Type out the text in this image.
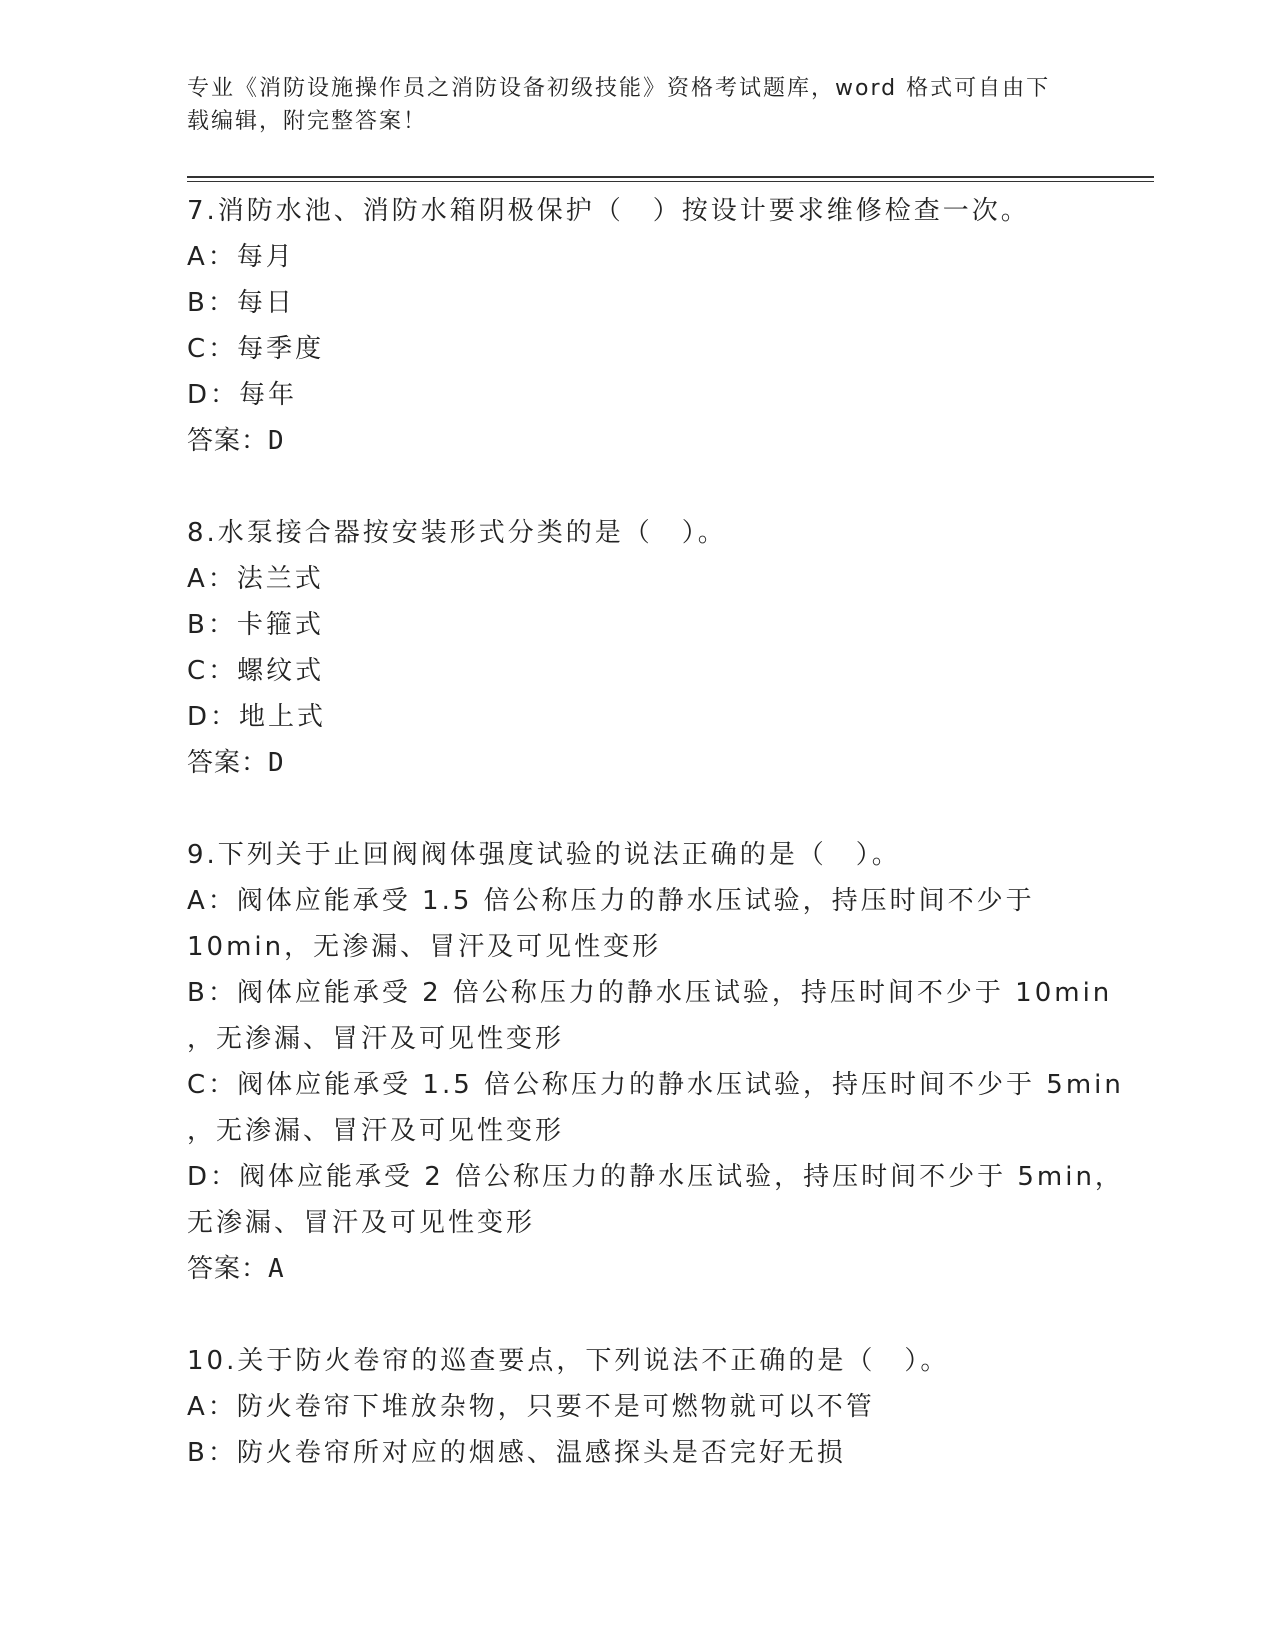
专业《消防设施操作员之消防设备初级技能》资格考试题库，word 格式可自由下
载编辑，附完整答案！
7.消防水池、消防水箱阴极保护（　）按设计要求维修检查一次。
A：每月
B：每日
C：每季度
D：每年
答案：D
8.水泵接合器按安装形式分类的是（　）。
A：法兰式
B：卡箍式
C：螺纹式
D：地上式
答案：D
9.下列关于止回阀阀体强度试验的说法正确的是（　）。
A：阀体应能承受 1.5 倍公称压力的静水压试验，持压时间不少于
10min，无渗漏、冒汗及可见性变形
B：阀体应能承受 2 倍公称压力的静水压试验，持压时间不少于 10min
，无渗漏、冒汗及可见性变形
C：阀体应能承受 1.5 倍公称压力的静水压试验，持压时间不少于 5min
，无渗漏、冒汗及可见性变形
D：阀体应能承受 2 倍公称压力的静水压试验，持压时间不少于 5min，
无渗漏、冒汗及可见性变形
答案：A
10.关于防火卷帘的巡查要点，下列说法不正确的是（　）。
A：防火卷帘下堆放杂物，只要不是可燃物就可以不管
B：防火卷帘所对应的烟感、温感探头是否完好无损
